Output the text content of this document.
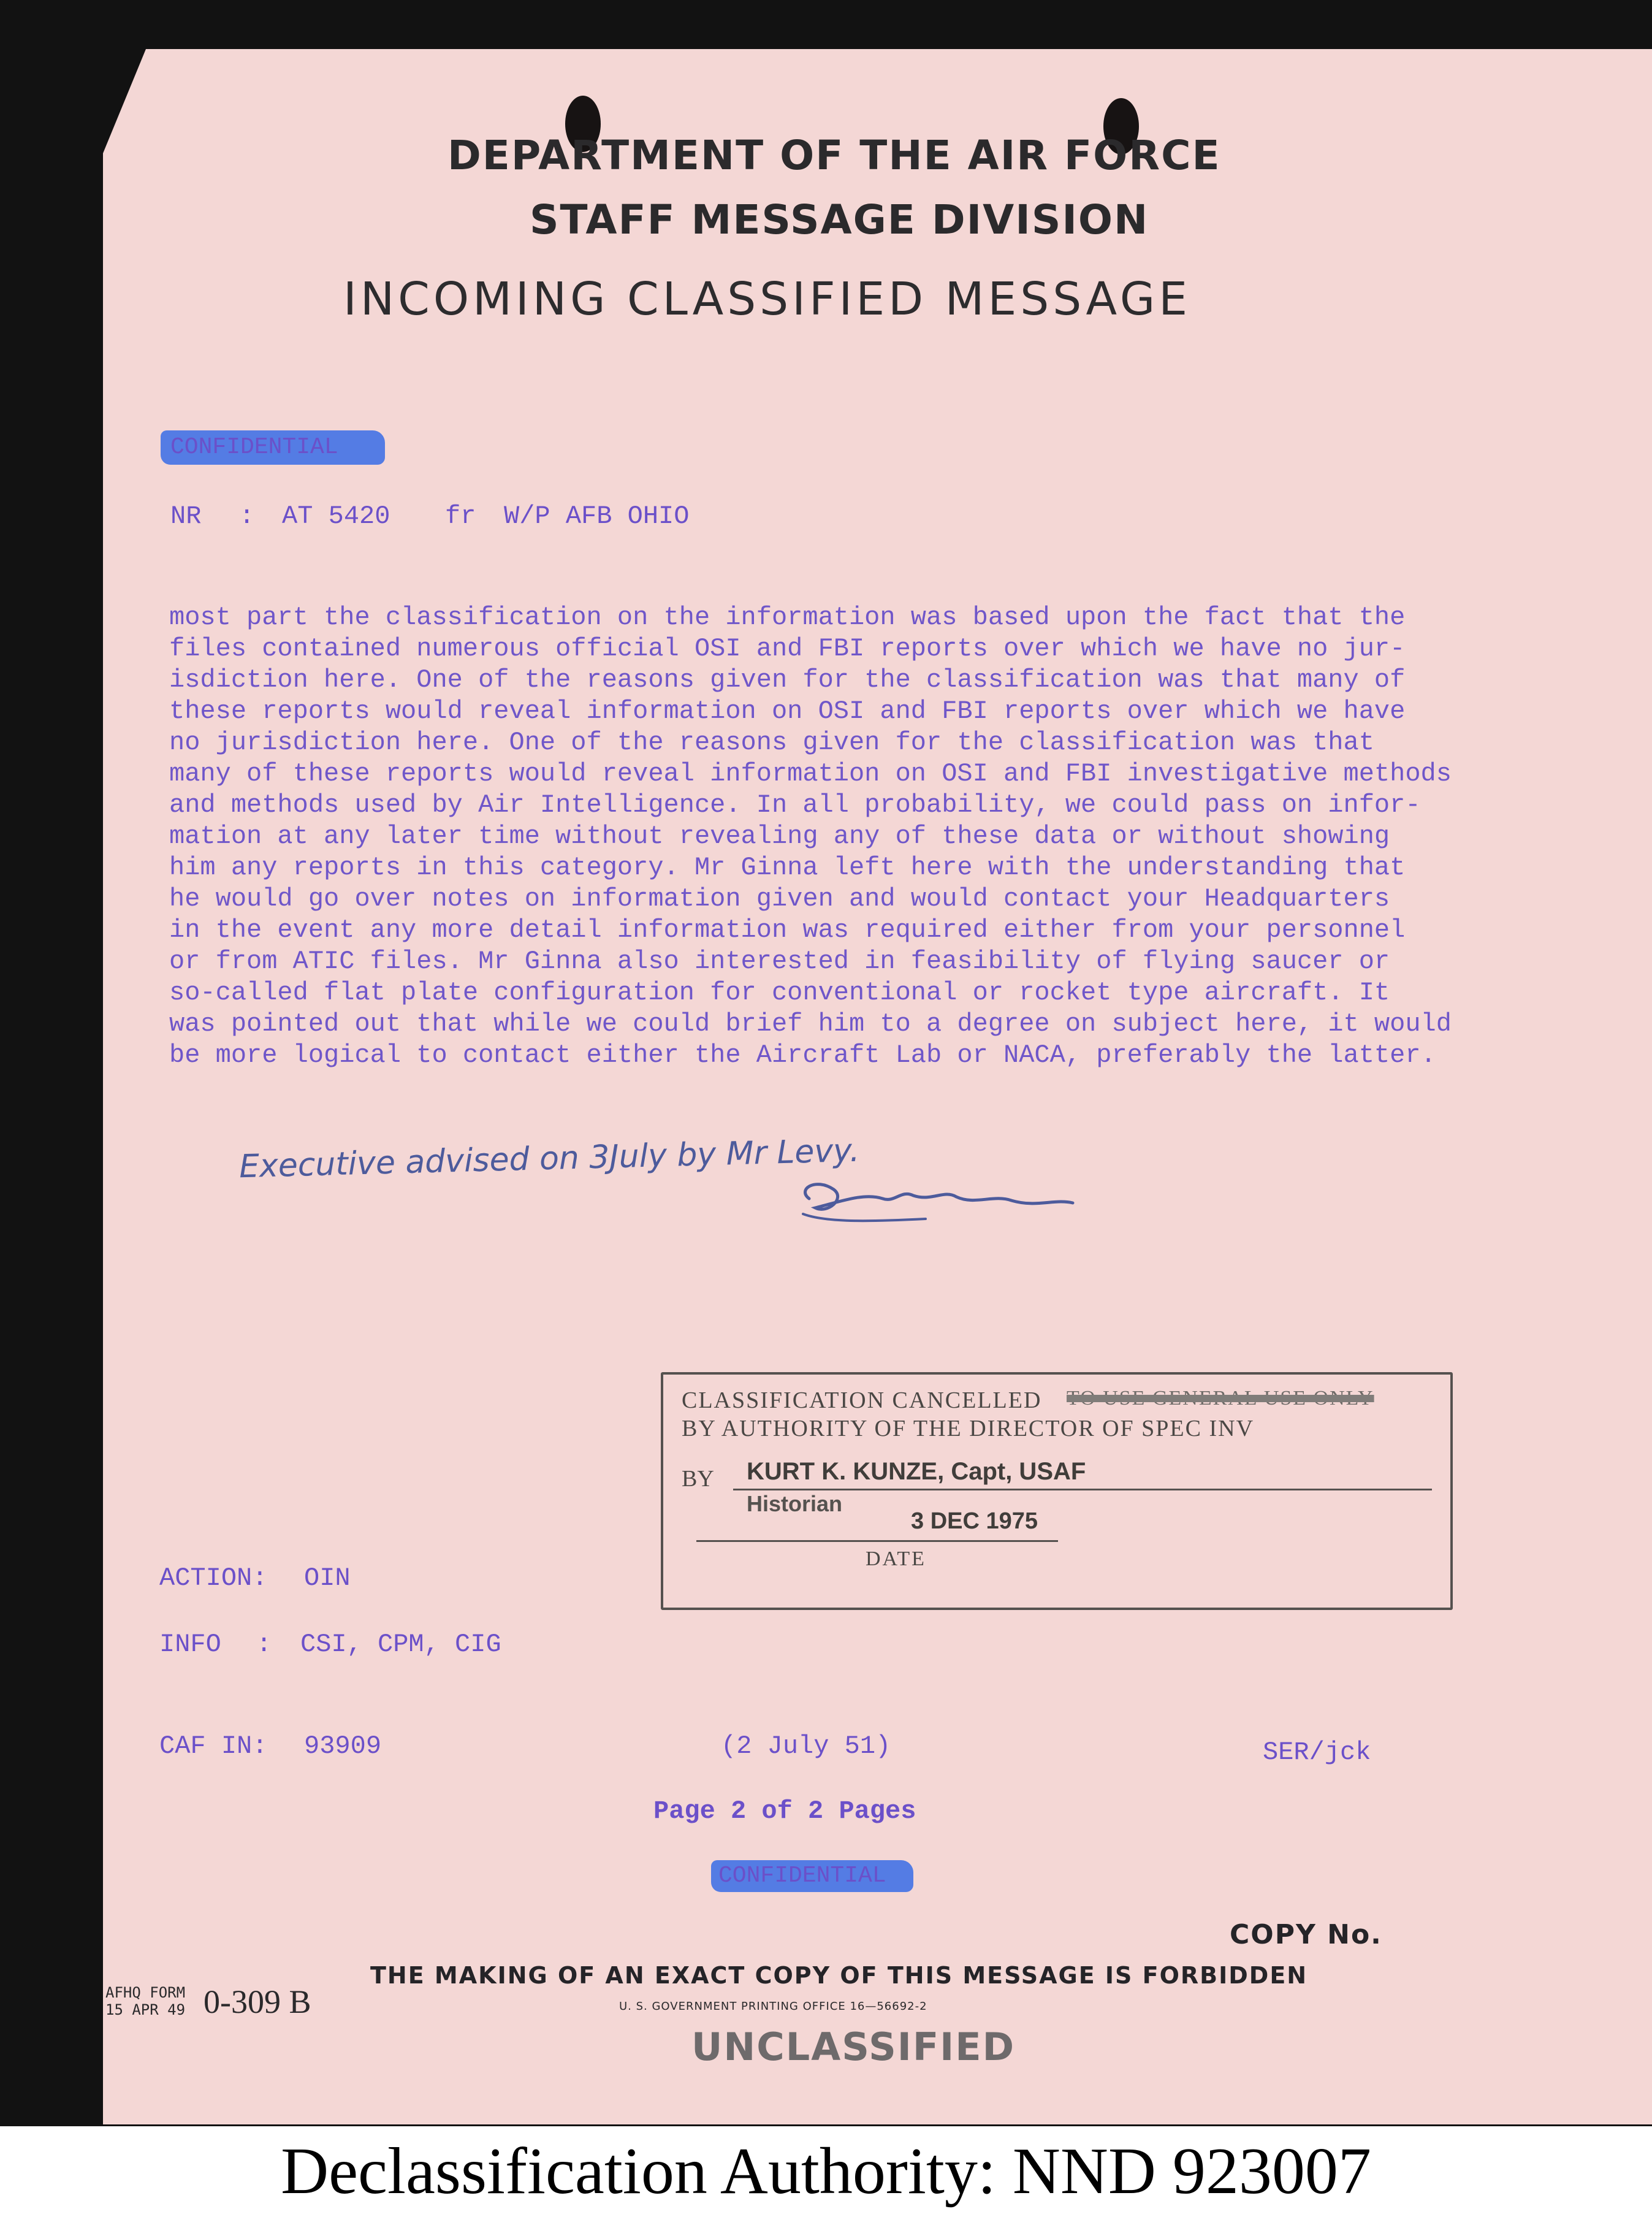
DEPARTMENT OF THE AIR FORCE
STAFF MESSAGE DIVISION
INCOMING CLASSIFIED MESSAGE
CONFIDENTIAL
NR : AT 5420 fr W/P AFB OHIO
most part the classification on the information was based upon the fact that the
files contained numerous official OSI and FBI reports over which we have no jur-
isdiction here. One of the reasons given for the classification was that many of
these reports would reveal information on OSI and FBI reports over which we have
no jurisdiction here. One of the reasons given for the classification was that
many of these reports would reveal information on OSI and FBI investigative methods
and methods used by Air Intelligence. In all probability, we could pass on infor-
mation at any later time without revealing any of these data or without showing
him any reports in this category. Mr Ginna left here with the understanding that
he would go over notes on information given and would contact your Headquarters
in the event any more detail information was required either from your personnel
or from ATIC files. Mr Ginna also interested in feasibility of flying saucer or
so-called flat plate configuration for conventional or rocket type aircraft. It
was pointed out that while we could brief him to a degree on subject here, it would
be more logical to contact either the Aircraft Lab or NACA, preferably the latter.
Executive advised on 3July by Mr Levy.
CLASSIFICATION CANCELLED TO USE GENERAL USE ONLY
BY AUTHORITY OF THE DIRECTOR OF SPEC INV
BY KURT K. KUNZE, Capt, USAF
Historian
3 DEC 1975
DATE
ACTION: OIN
INFO : CSI, CPM, CIG
CAF IN: 93909	(2 July 51)	SER/jck
Page 2 of 2 Pages
CONFIDENTIAL
COPY No.
THE MAKING OF AN EXACT COPY OF THIS MESSAGE IS FORBIDDEN
AFHQ FORM
15 APR 49 0-309 B	U. S. GOVERNMENT PRINTING OFFICE 16—56692-2
UNCLASSIFIED
Declassification Authority: NND 923007
